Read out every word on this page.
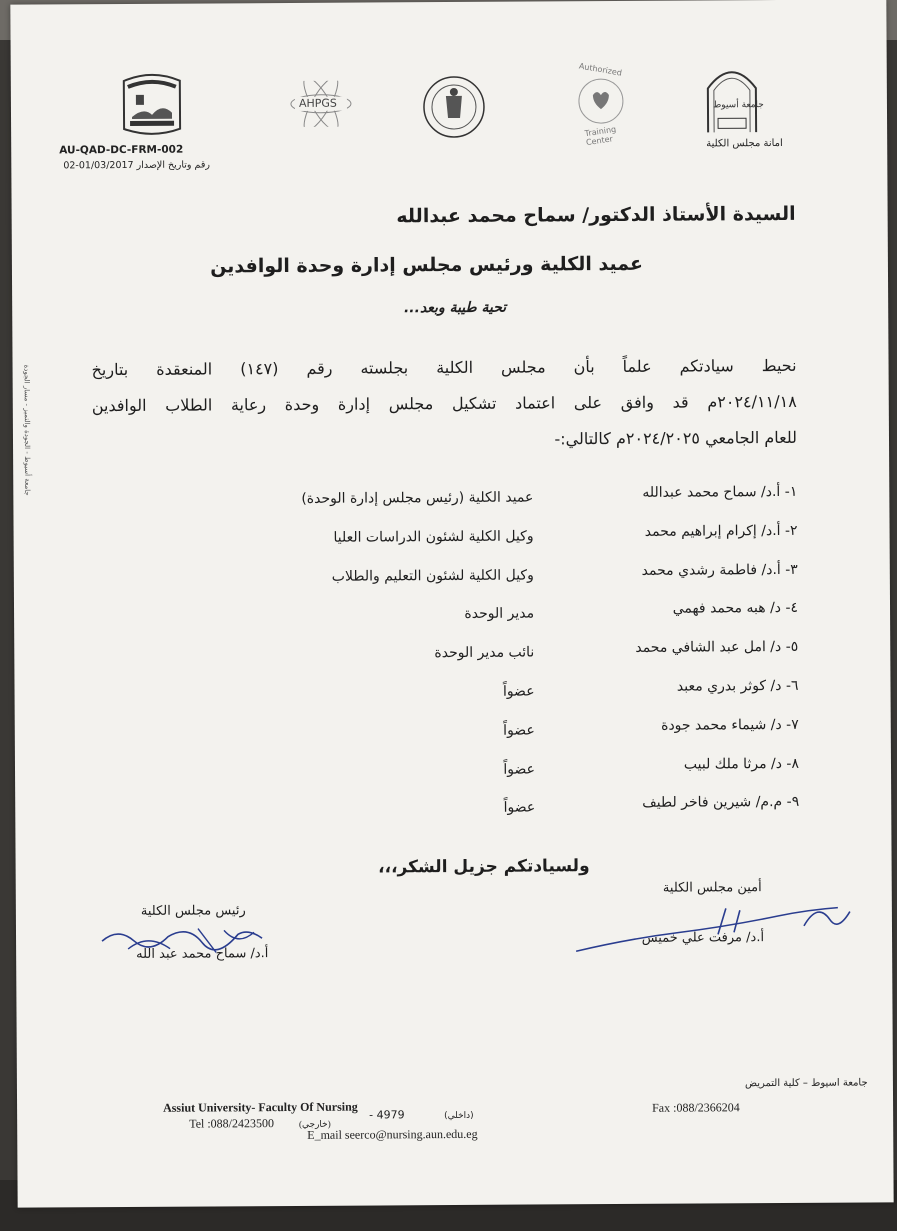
AHPGS
Authorized
Training Center
جامعة أسيوط
AU-QAD-DC-FRM-002
02-01/03/2017 رقم وتاريخ الإصدار
امانة مجلس الكلية
جامعة أسيوط - الجودة والتميز - مسار الجودة
السيدة الأستاذ الدكتور/ سماح محمد عبدالله
عميد الكلية ورئيس مجلس إدارة وحدة الوافدين
تحية طيبة وبعد...
نحيط سيادتكم علماً بأن مجلس الكلية بجلسته رقم (١٤٧) المنعقدة بتاريخ
٢٠٢٤/١١/١٨م قد وافق على اعتماد تشكيل مجلس إدارة وحدة رعاية الطلاب الوافدين
للعام الجامعي ٢٠٢٤/٢٠٢٥م كالتالي:-
١- أ.د/ سماح محمد عبدالله
عميد الكلية (رئيس مجلس إدارة الوحدة)
٢- أ.د/ إكرام إبراهيم محمد
وكيل الكلية لشئون الدراسات العليا
٣- أ.د/ فاطمة رشدي محمد
وكيل الكلية لشئون التعليم والطلاب
٤- د/ هبه محمد فهمي
مدير الوحدة
٥- د/ امل عبد الشافي محمد
نائب مدير الوحدة
٦- د/ كوثر بدري معبد
عضواً
٧- د/ شيماء محمد جودة
عضواً
٨- د/ مرثا ملك لبيب
عضواً
٩- م.م/ شيرين فاخر لطيف
عضواً
ولسيادتكم جزيل الشكر،،،
رئيس مجلس الكلية
أ.د/ سماح محمد عبد الله
أمين مجلس الكلية
أ.د/ مرفت علي خميس
جامعة اسيوط – كلية التمريض
Assiut University- Faculty Of Nursing
- 4979	(داخلي)
Tel :088/2423500	(خارجي)
E_mail seerco@nursing.aun.edu.eg
Fax :088/2366204
